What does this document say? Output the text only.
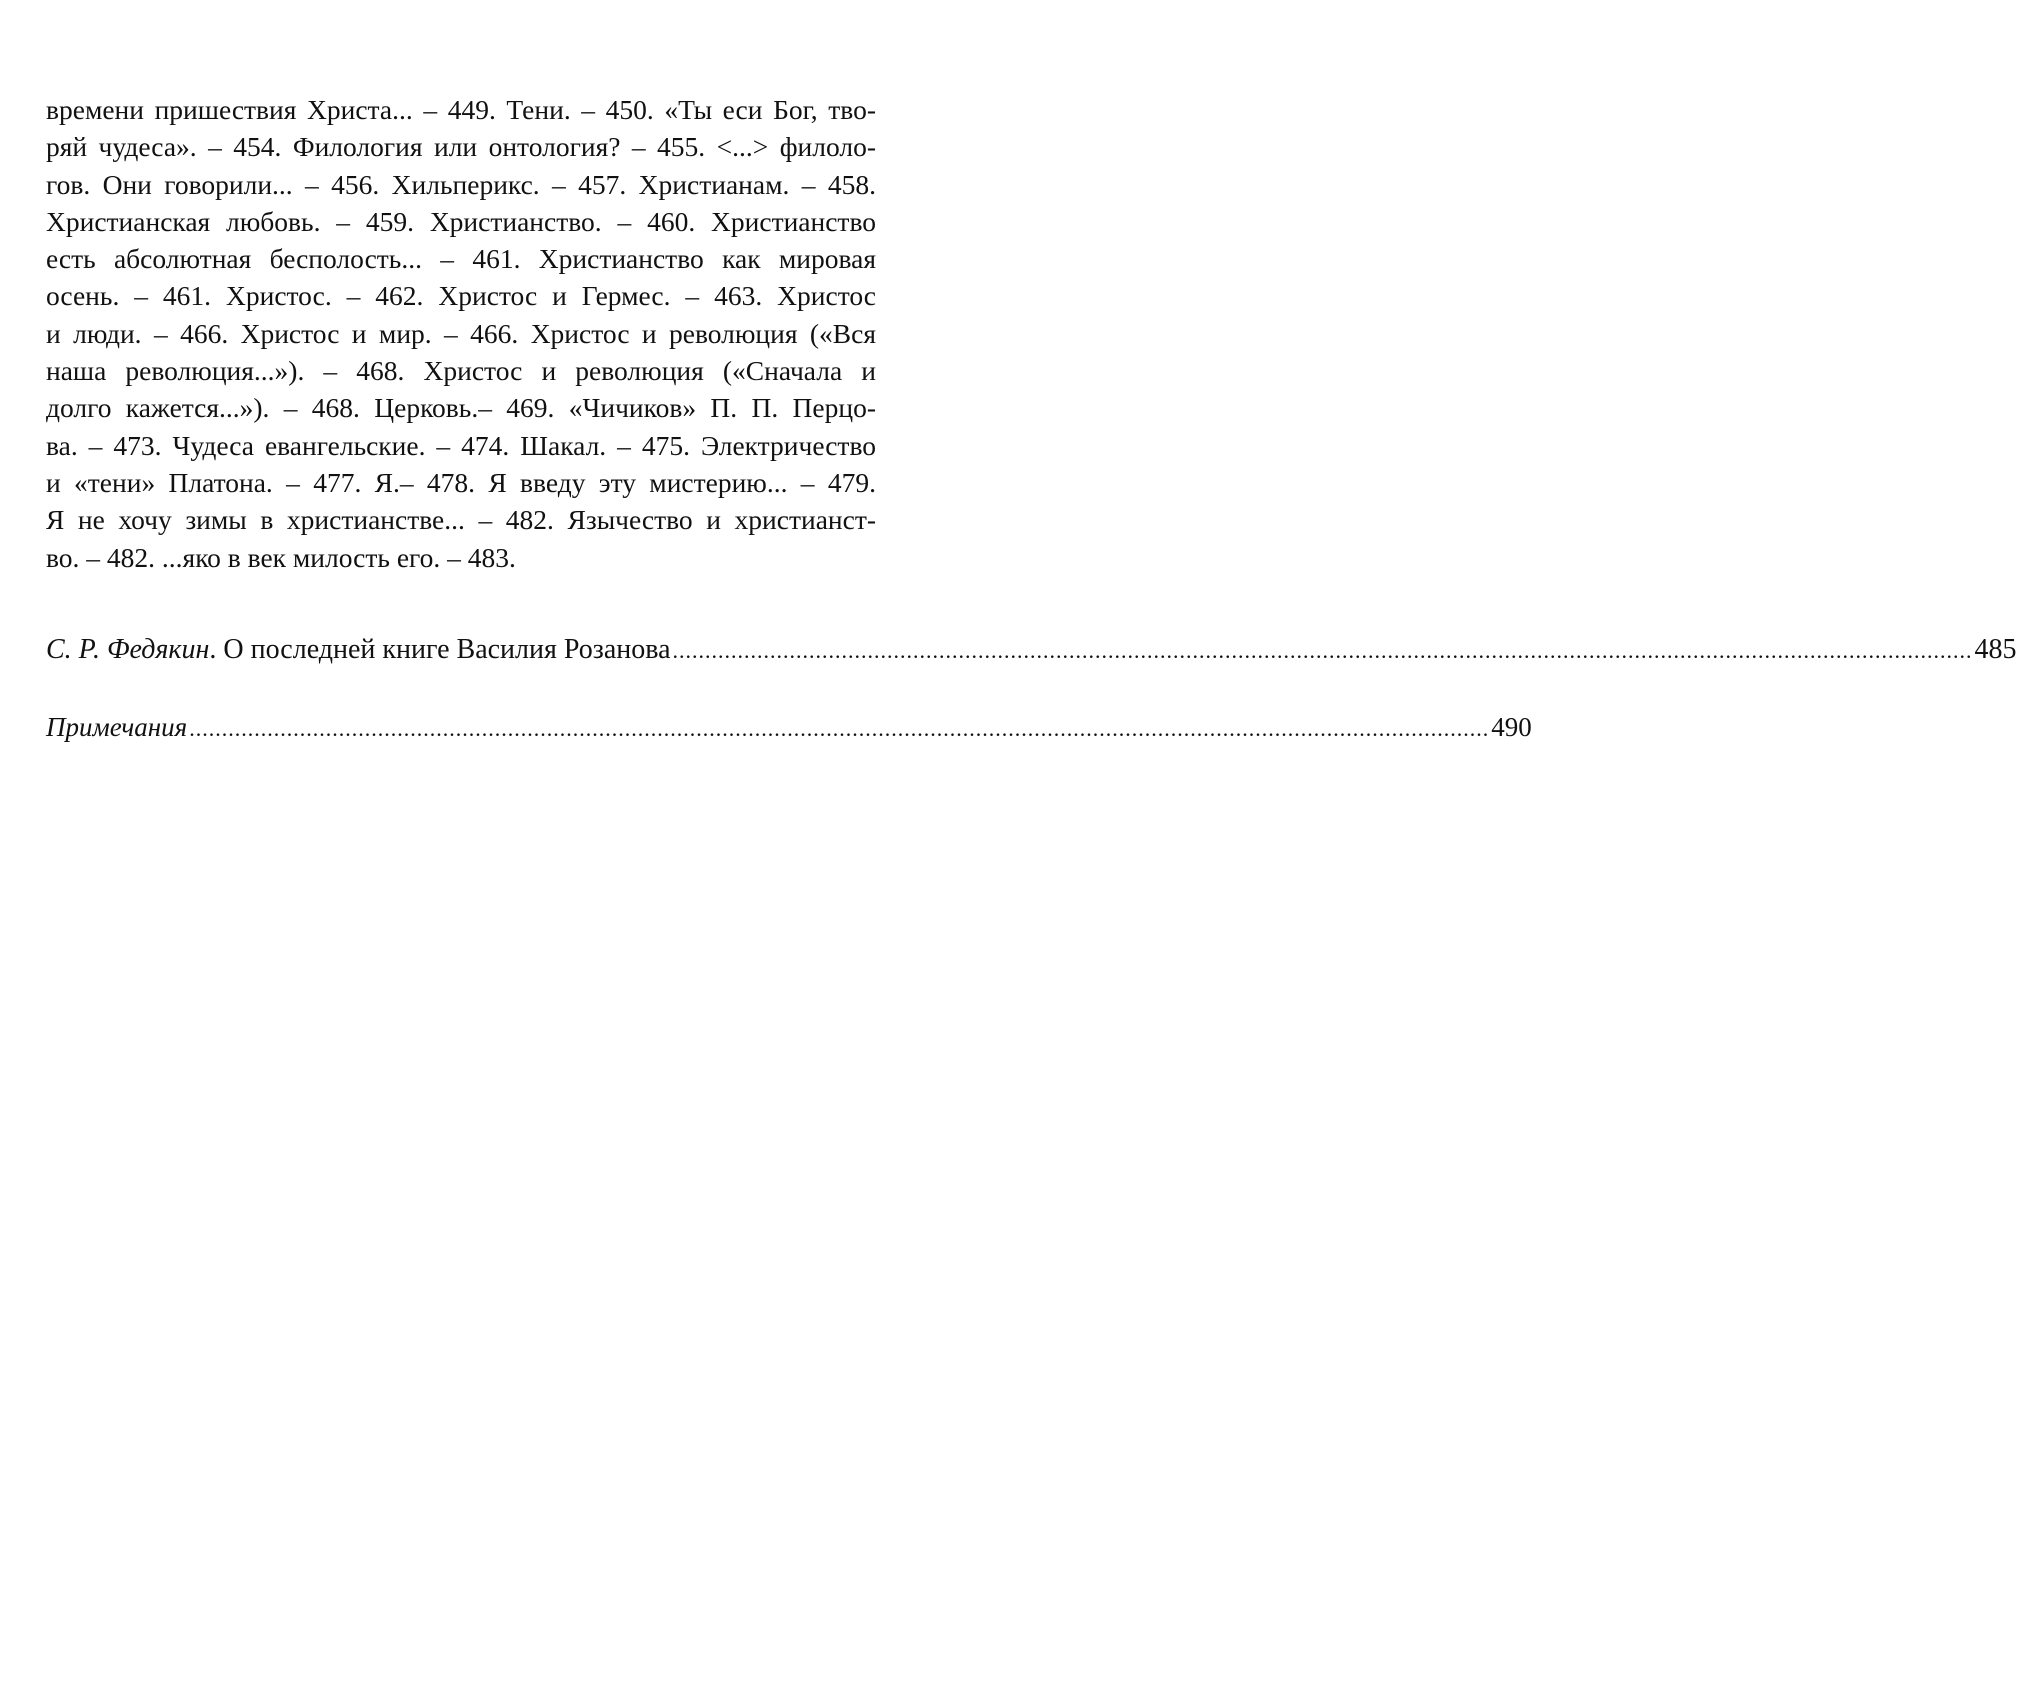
времени пришествия Христа... – 449. Тени. – 450. «Ты еси Бог, тво-
ряй чудеса». – 454. Филология или онтология? – 455. <...> филоло-
гов. Они говорили... – 456. Хильперикс. – 457. Христианам. – 458.
Христианская любовь. – 459. Христианство. – 460. Христианство
есть абсолютная бесполость... – 461. Христианство как мировая
осень. – 461. Христос. – 462. Христос и Гермес. – 463. Христос
и люди. – 466. Христос и мир. – 466. Христос и революция («Вся
наша революция...»). – 468. Христос и революция («Сначала и
долго кажется...»). – 468. Церковь.– 469. «Чичиков» П. П. Перцо-
ва. – 473. Чудеса евангельские. – 474. Шакал. – 475. Электричество
и «тени» Платона. – 477. Я.– 478. Я введу эту мистерию... – 479.
Я не хочу зимы в христианстве... – 482. Язычество и христианст-
во. – 482. ...яко в век милость его. – 483.
С. Р. Федякин . О последней книге Василия Розанова ........................................................................................................................................................................................................ 485
Примечания ........................................................................................................................................................................................................ 490
